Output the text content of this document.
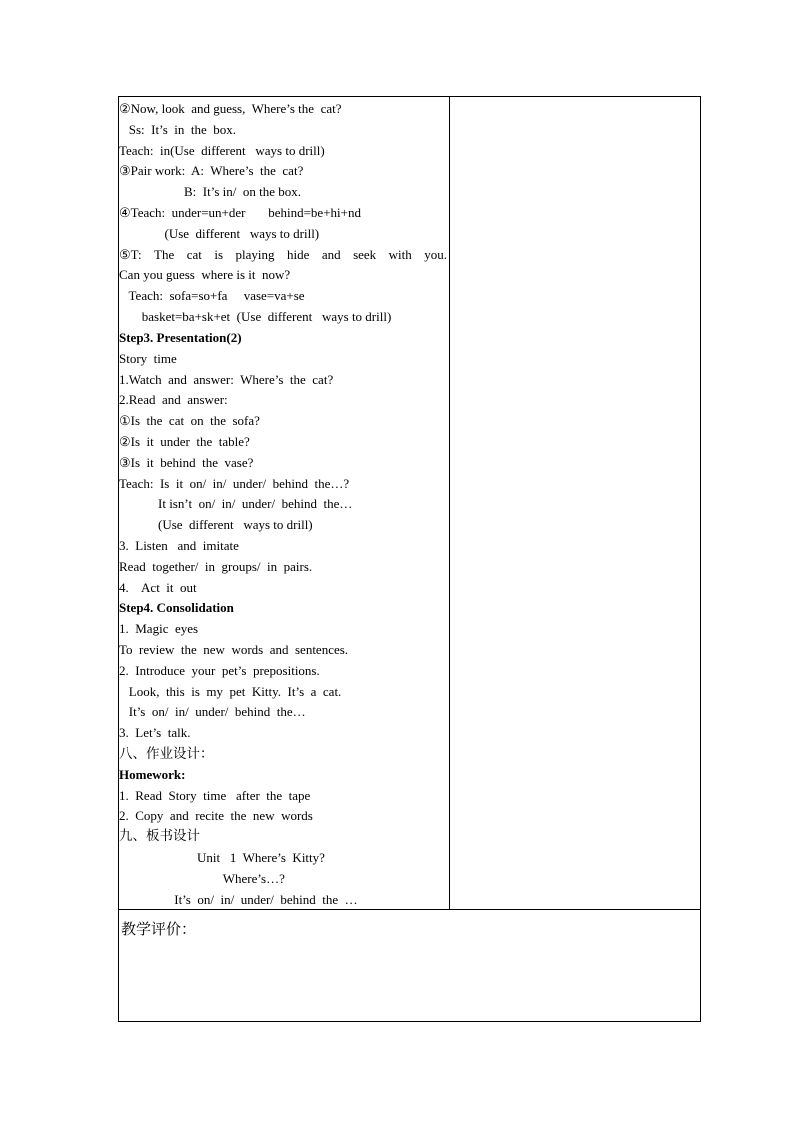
②Now, look  and guess,  Where’s the  cat?
Ss:  It’s  in  the  box.
Teach:  in(Use  different   ways to drill)
③Pair work:  A:  Where’s  the  cat?
B:  It’s in/  on the box.
④Teach:  under=un+der       behind=be+hi+nd
(Use  different   ways to drill)
⑤T: The cat is playing hide and seek with you.
Can you guess  where is it  now?
Teach:  sofa=so+fa     vase=va+se
basket=ba+sk+et  (Use  different   ways to drill)
Step3. Presentation(2)
Story  time
1.Watch  and  answer:  Where’s  the  cat?
2.Read  and  answer:
①Is  the  cat  on  the  sofa?
②Is  it  under  the  table?
③Is  it  behind  the  vase?
Teach:  Is  it  on/  in/  under/  behind  the…?
It isn’t  on/  in/  under/  behind  the…
(Use  different   ways to drill)
3.  Listen   and  imitate
Read  together/  in  groups/  in  pairs.
4.    Act  it  out
Step4. Consolidation
1.  Magic  eyes
To  review  the  new  words  and  sentences.
2.  Introduce  your  pet’s  prepositions.
Look,  this  is  my  pet  Kitty.  It’s  a  cat.
It’s  on/  in/  under/  behind  the…
3.  Let’s  talk.
八、作业设计：
Homework:
1.  Read  Story  time   after  the  tape
2.  Copy  and  recite  the  new  words
九、板书设计
Unit   1  Where’s  Kitty?
Where’s…?
It’s  on/  in/  under/  behind  the  …
教学评价：
